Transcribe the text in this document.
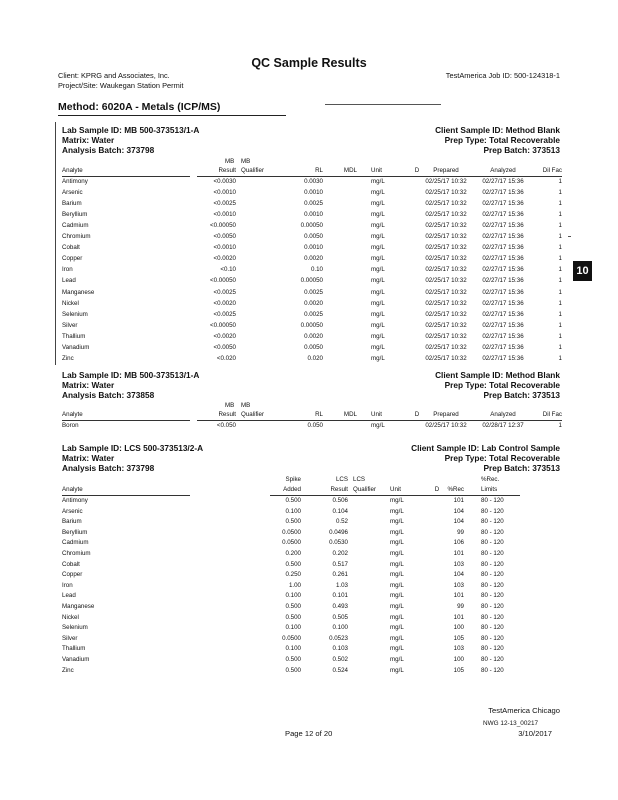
QC Sample Results
Client: KPRG and Associates, Inc.
Project/Site: Waukegan Station Permit
TestAmerica Job ID: 500-124318-1
Method: 6020A - Metals (ICP/MS)
10
Lab Sample ID: MB 500-373513/1-A
Matrix: Water
Analysis Batch: 373798
Client Sample ID: Method Blank
Prep Type: Total Recoverable
Prep Batch: 373513
MB MB
Analyte	Result Qualifier	RL	MDL Unit	D	Prepared	Analyzed	Dil Fac
Antimony	<0.0030	0.0030	mg/L	02/25/17 10:32	02/27/17 15:36	1
Arsenic	<0.0010	0.0010	mg/L	02/25/17 10:32	02/27/17 15:36	1
Barium	<0.0025	0.0025	mg/L	02/25/17 10:32	02/27/17 15:36	1
Beryllium	<0.0010	0.0010	mg/L	02/25/17 10:32	02/27/17 15:36	1
Cadmium	<0.00050	0.00050	mg/L	02/25/17 10:32	02/27/17 15:36	1
Chromium	<0.0050	0.0050	mg/L	02/25/17 10:32	02/27/17 15:36	1
Cobalt	<0.0010	0.0010	mg/L	02/25/17 10:32	02/27/17 15:36	1
Copper	<0.0020	0.0020	mg/L	02/25/17 10:32	02/27/17 15:36	1
Iron	<0.10	0.10	mg/L	02/25/17 10:32	02/27/17 15:36	1
Lead	<0.00050	0.00050	mg/L	02/25/17 10:32	02/27/17 15:36	1
Manganese	<0.0025	0.0025	mg/L	02/25/17 10:32	02/27/17 15:36	1
Nickel	<0.0020	0.0020	mg/L	02/25/17 10:32	02/27/17 15:36	1
Selenium	<0.0025	0.0025	mg/L	02/25/17 10:32	02/27/17 15:36	1
Silver	<0.00050	0.00050	mg/L	02/25/17 10:32	02/27/17 15:36	1
Thallium	<0.0020	0.0020	mg/L	02/25/17 10:32	02/27/17 15:36	1
Vanadium	<0.0050	0.0050	mg/L	02/25/17 10:32	02/27/17 15:36	1
Zinc	<0.020	0.020	mg/L	02/25/17 10:32	02/27/17 15:36	1
Lab Sample ID: MB 500-373513/1-A
Matrix: Water
Analysis Batch: 373858
Client Sample ID: Method Blank
Prep Type: Total Recoverable
Prep Batch: 373513
MB MB
Analyte	Result Qualifier	RL	MDL Unit	D	Prepared	Analyzed	Dil Fac
Boron	<0.050	0.050	mg/L	02/25/17 10:32	02/28/17 12:37	1
Lab Sample ID: LCS 500-373513/2-A
Matrix: Water
Analysis Batch: 373798
Client Sample ID: Lab Control Sample
Prep Type: Total Recoverable
Prep Batch: 373513
Spike	LCS LCS	%Rec.
Analyte	Added	Result Qualifier Unit	D	%Rec	Limits
Antimony	0.500	0.506	mg/L	101	80 - 120
Arsenic	0.100	0.104	mg/L	104	80 - 120
Barium	0.500	0.52	mg/L	104	80 - 120
Beryllium	0.0500	0.0496	mg/L	99	80 - 120
Cadmium	0.0500	0.0530	mg/L	106	80 - 120
Chromium	0.200	0.202	mg/L	101	80 - 120
Cobalt	0.500	0.517	mg/L	103	80 - 120
Copper	0.250	0.261	mg/L	104	80 - 120
Iron	1.00	1.03	mg/L	103	80 - 120
Lead	0.100	0.101	mg/L	101	80 - 120
Manganese	0.500	0.493	mg/L	99	80 - 120
Nickel	0.500	0.505	mg/L	101	80 - 120
Selenium	0.100	0.100	mg/L	100	80 - 120
Silver	0.0500	0.0523	mg/L	105	80 - 120
Thallium	0.100	0.103	mg/L	103	80 - 120
Vanadium	0.500	0.502	mg/L	100	80 - 120
Zinc	0.500	0.524	mg/L	105	80 - 120
TestAmerica Chicago
Page 12 of 20
NWG 12-13_00217
3/10/2017
